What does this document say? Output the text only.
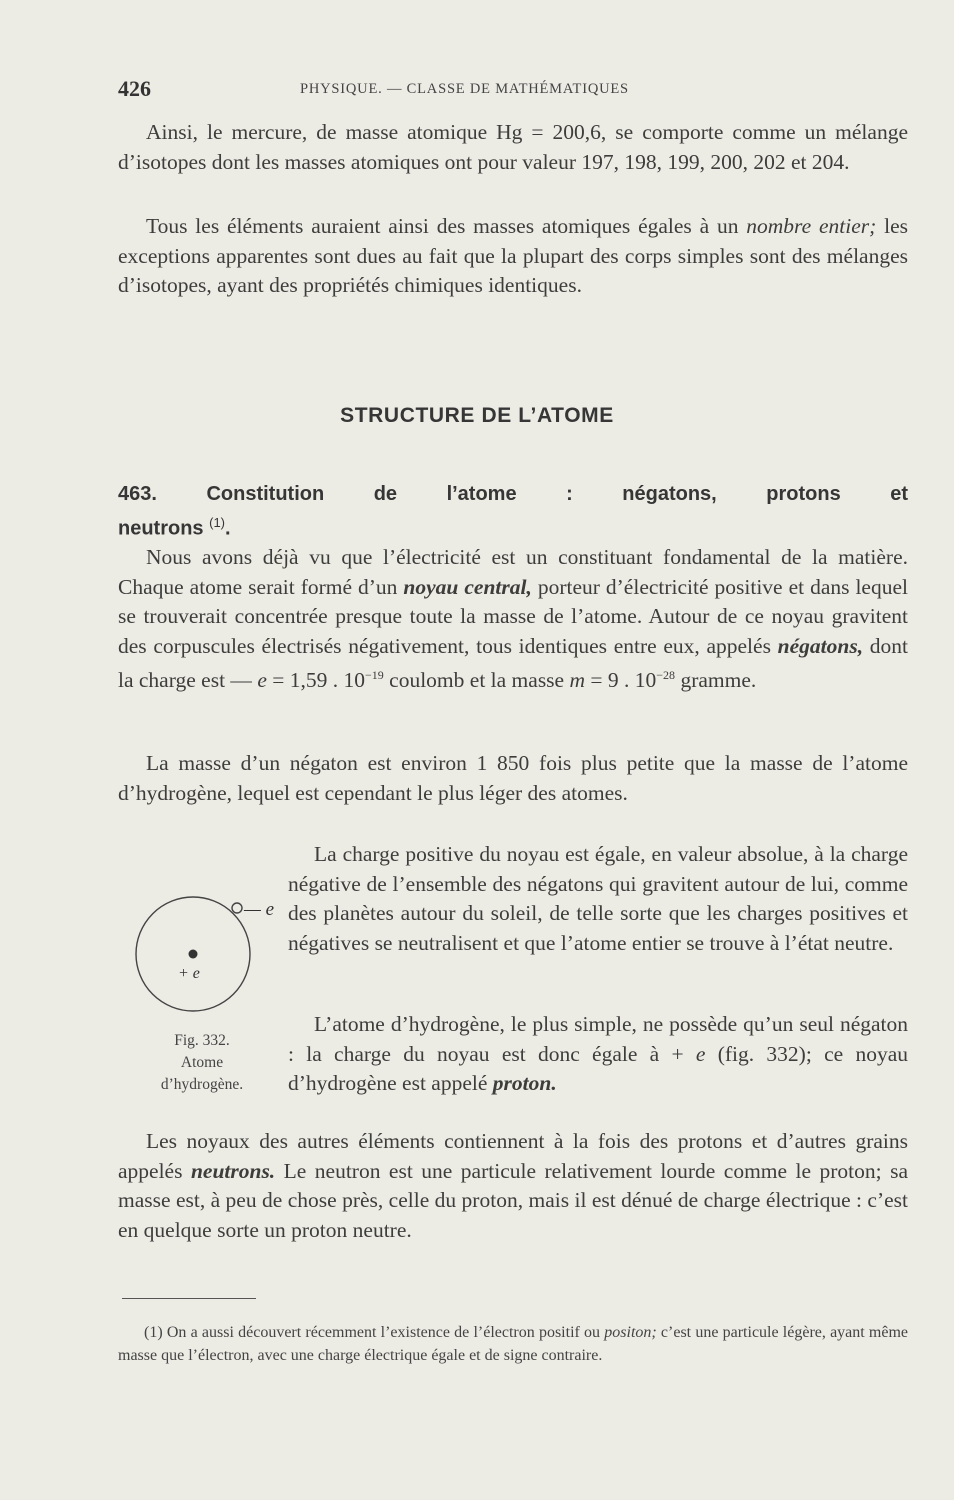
426	PHYSIQUE. — CLASSE DE MATHÉMATIQUES

Ainsi, le mercure, de masse atomique Hg = 200,6, se comporte comme un mélange d’isotopes dont les masses atomiques ont pour valeur 197, 198, 199, 200, 202 et 204.

Tous les éléments auraient ainsi des masses atomiques égales à un nombre entier; les exceptions apparentes sont dues au fait que la plupart des corps simples sont des mélanges d’isotopes, ayant des propriétés chimiques identiques.

STRUCTURE DE L’ATOME

463. Constitution de l’atome : négatons, protons et

neutrons $^{(1)}$.

Nous avons déjà vu que l’électricité est un constituant fondamental de la matière. Chaque atome serait formé d’un noyau central, porteur d’électricité positive et dans lequel se trouverait concentrée presque toute la masse de l’atome. Autour de ce noyau gravitent des corpuscules électrisés négativement, tous identiques entre eux, appelés négatons, dont la charge est — e = 1,59 . $10^{-19}$ coulomb et la masse m = 9 . $10^{-28}$ gramme.

La masse d’un négaton est environ 1 850 fois plus petite que la masse de l’atome d’hydrogène, lequel est cependant le plus léger des atomes.

— e
+ e
Fig. 332.
Atome
d’hydrogène.

La charge positive du noyau est égale, en valeur absolue, à la charge négative de l’ensemble des négatons qui gravitent autour de lui, comme des planètes autour du soleil, de telle sorte que les charges positives et négatives se neutralisent et que l’atome entier se trouve à l’état neutre.

L’atome d’hydrogène, le plus simple, ne possède qu’un seul négaton : la charge du noyau est donc égale à + e (fig. 332); ce noyau d’hydrogène est appelé proton.

Les noyaux des autres éléments contiennent à la fois des protons et d’autres grains appelés neutrons. Le neutron est une particule relativement lourde comme le proton; sa masse est, à peu de chose près, celle du proton, mais il est dénué de charge électrique : c’est en quelque sorte un proton neutre.

(1) On a aussi découvert récemment l’existence de l’électron positif ou positon; c’est une particule légère, ayant même masse que l’électron, avec une charge électrique égale et de signe contraire.
